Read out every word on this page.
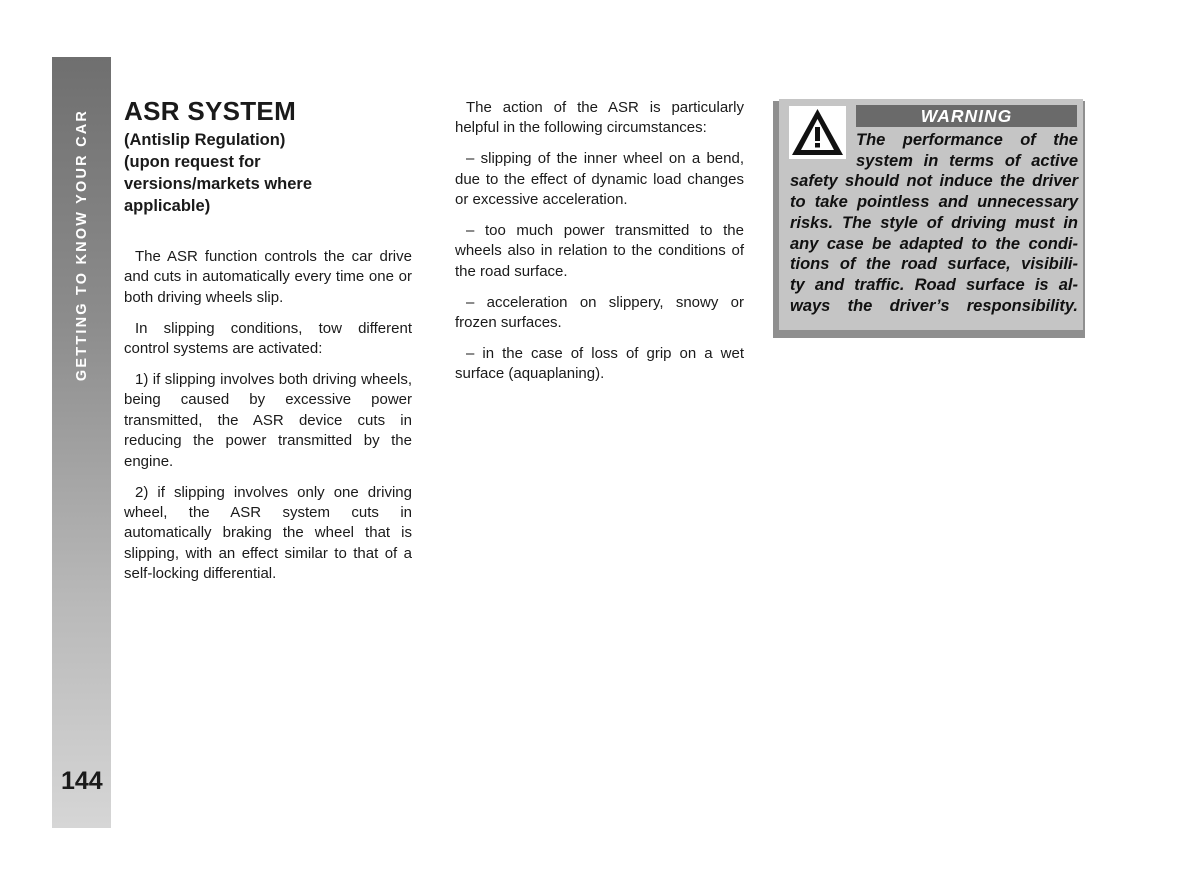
GETTING TO KNOW YOUR CAR
144
ASR SYSTEM
(Antislip Regulation)
(upon request for
versions/markets where
applicable)

The ASR function controls the car drive and cuts in automatically every time one or both driving wheels slip.

In slipping conditions, tow different control systems are activated:

1) if slipping involves both driving wheels, being caused by excessive power transmitted, the ASR device cuts in reducing the power transmitted by the engine.

2) if slipping involves only one driving wheel, the ASR system cuts in automatically braking the wheel that is slipping, with an effect similar to that of a self-locking differential.

The action of the ASR is particularly helpful in the following circumstances:

– slipping of the inner wheel on a bend, due to the effect of dynamic load changes or excessive acceleration.

– too much power transmitted to the wheels also in relation to the conditions of the road surface.

– acceleration on slippery, snowy or frozen surfaces.

– in the case of loss of grip on a wet surface (aquaplaning).

WARNING

The performance of the
system in terms of active
safety should not induce the driver
to take pointless and unnecessary
risks. The style of driving must in
any case be adapted to the condi-
tions of the road surface, visibili-
ty and traffic. Road surface is al-
ways the driver’s responsibility.
